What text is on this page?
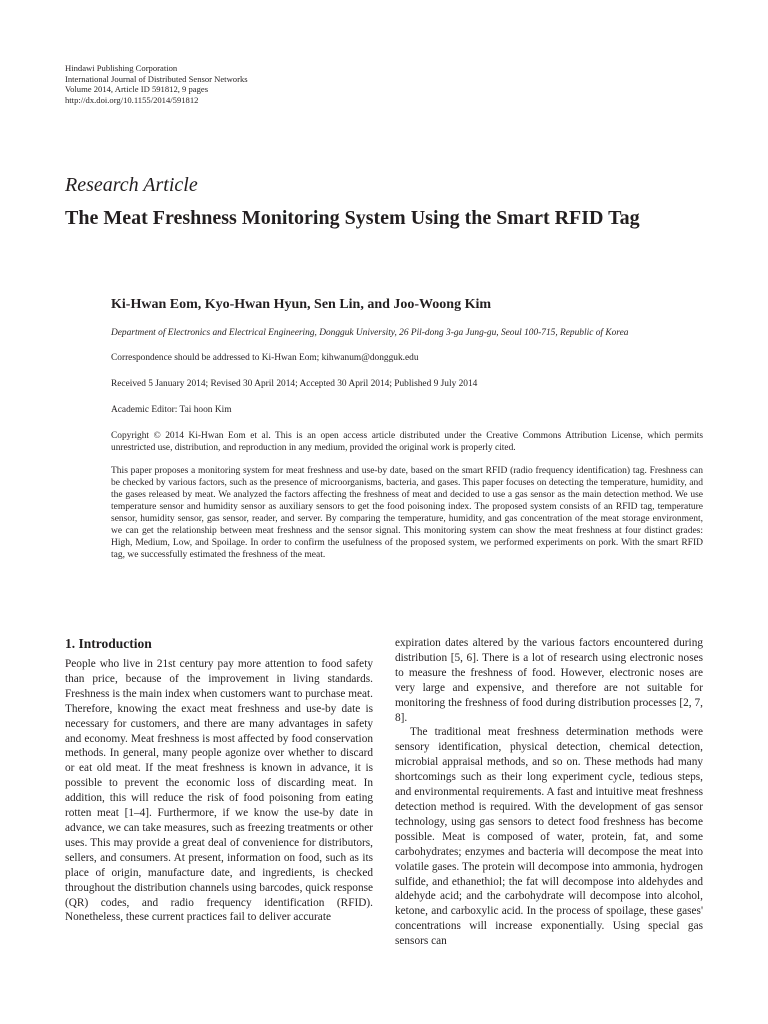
Hindawi Publishing Corporation
International Journal of Distributed Sensor Networks
Volume 2014, Article ID 591812, 9 pages
http://dx.doi.org/10.1155/2014/591812
Research Article
The Meat Freshness Monitoring System Using the Smart RFID Tag
Ki-Hwan Eom, Kyo-Hwan Hyun, Sen Lin, and Joo-Woong Kim
Department of Electronics and Electrical Engineering, Dongguk University, 26 Pil-dong 3-ga Jung-gu, Seoul 100-715, Republic of Korea
Correspondence should be addressed to Ki-Hwan Eom; kihwanum@dongguk.edu
Received 5 January 2014; Revised 30 April 2014; Accepted 30 April 2014; Published 9 July 2014
Academic Editor: Tai hoon Kim
Copyright © 2014 Ki-Hwan Eom et al. This is an open access article distributed under the Creative Commons Attribution License, which permits unrestricted use, distribution, and reproduction in any medium, provided the original work is properly cited.

This paper proposes a monitoring system for meat freshness and use-by date, based on the smart RFID (radio frequency identification) tag. Freshness can be checked by various factors, such as the presence of microorganisms, bacteria, and gases. This paper focuses on detecting the temperature, humidity, and the gases released by meat. We analyzed the factors affecting the freshness of meat and decided to use a gas sensor as the main detection method. We use temperature sensor and humidity sensor as auxiliary sensors to get the food poisoning index. The proposed system consists of an RFID tag, temperature sensor, humidity sensor, gas sensor, reader, and server. By comparing the temperature, humidity, and gas concentration of the meat storage environment, we can get the relationship between meat freshness and the sensor signal. This monitoring system can show the meat freshness at four distinct grades: High, Medium, Low, and Spoilage. In order to confirm the usefulness of the proposed system, we performed experiments on pork. With the smart RFID tag, we successfully estimated the freshness of the meat.

1. Introduction

People who live in 21st century pay more attention to food safety than price, because of the improvement in living standards. Freshness is the main index when customers want to purchase meat. Therefore, knowing the exact meat freshness and use-by date is necessary for customers, and there are many advantages in safety and economy. Meat freshness is most affected by food conservation methods. In general, many people agonize over whether to discard or eat old meat. If the meat freshness is known in advance, it is possible to prevent the economic loss of discarding meat. In addition, this will reduce the risk of food poisoning from eating rotten meat [1–4]. Furthermore, if we know the use-by date in advance, we can take measures, such as freezing treatments or other uses. This may provide a great deal of convenience for distributors, sellers, and consumers. At present, information on food, such as its place of origin, manufacture date, and ingredients, is checked throughout the distribution channels using barcodes, quick response (QR) codes, and radio frequency identification (RFID). Nonetheless, these current practices fail to deliver accurate

expiration dates altered by the various factors encountered during distribution [5, 6]. There is a lot of research using electronic noses to measure the freshness of food. However, electronic noses are very large and expensive, and therefore are not suitable for monitoring the freshness of food during distribution processes [2, 7, 8].

The traditional meat freshness determination methods were sensory identification, physical detection, chemical detection, microbial appraisal methods, and so on. These methods had many shortcomings such as their long experiment cycle, tedious steps, and environmental requirements. A fast and intuitive meat freshness detection method is required. With the development of gas sensor technology, using gas sensors to detect food freshness has become possible. Meat is composed of water, protein, fat, and some carbohydrates; enzymes and bacteria will decompose the meat into volatile gases. The protein will decompose into ammonia, hydrogen sulfide, and ethanethiol; the fat will decompose into aldehydes and aldehyde acid; and the carbohydrate will decompose into alcohol, ketone, and carboxylic acid. In the process of spoilage, these gases' concentrations will increase exponentially. Using special gas sensors can
